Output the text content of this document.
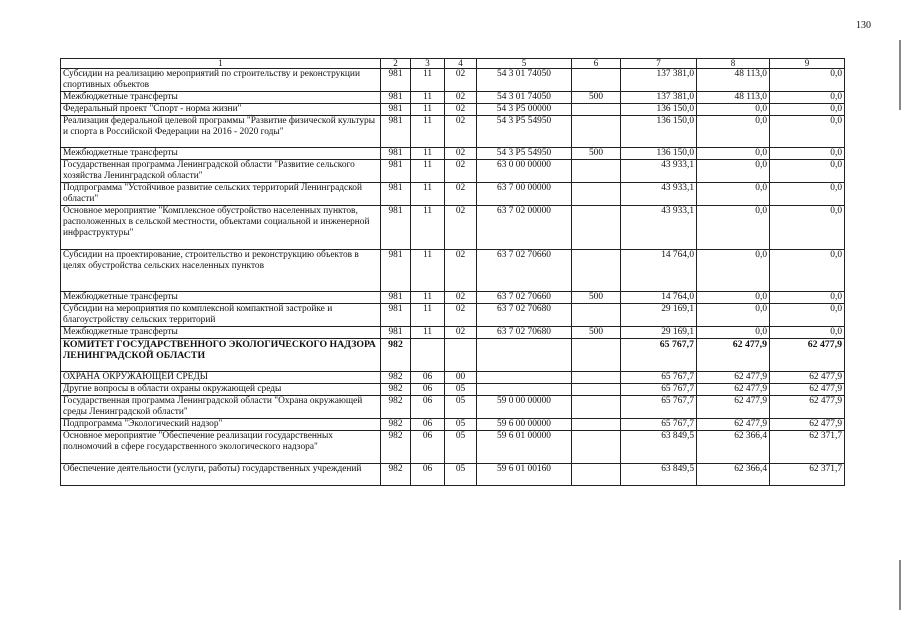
130
1	2	3	4	5	6	7	8	9
Субсидии на реализацию мероприятий по строительству и реконструкции спортивных объектов	981	11	02	54 3 01 74050		137 381,0	48 113,0	0,0
Межбюджетные трансферты	981	11	02	54 3 01 74050	500	137 381,0	48 113,0	0,0
Федеральный проект "Спорт - норма жизни"	981	11	02	54 3 P5 00000		136 150,0	0,0	0,0
Реализация федеральной целевой программы "Развитие физической культуры и спорта в Российской Федерации на 2016 - 2020 годы"	981	11	02	54 3 P5 54950		136 150,0	0,0	0,0
Межбюджетные трансферты	981	11	02	54 3 P5 54950	500	136 150,0	0,0	0,0
Государственная программа Ленинградской области "Развитие сельского хозяйства Ленинградской области"	981	11	02	63 0 00 00000		43 933,1	0,0	0,0
Подпрограмма "Устойчивое развитие сельских территорий Ленинградской области"	981	11	02	63 7 00 00000		43 933,1	0,0	0,0
Основное мероприятие "Комплексное обустройство населенных пунктов, расположенных в сельской местности, объектами социальной и инженерной инфраструктуры"	981	11	02	63 7 02 00000		43 933,1	0,0	0,0
Субсидии на проектирование, строительство и реконструкцию объектов в целях обустройства сельских населенных пунктов	981	11	02	63 7 02 70660		14 764,0	0,0	0,0
Межбюджетные трансферты	981	11	02	63 7 02 70660	500	14 764,0	0,0	0,0
Субсидии на мероприятия по комплексной компактной застройке и благоустройству сельских территорий	981	11	02	63 7 02 70680		29 169,1	0,0	0,0
Межбюджетные трансферты	981	11	02	63 7 02 70680	500	29 169,1	0,0	0,0
КОМИТЕТ ГОСУДАРСТВЕННОГО ЭКОЛОГИЧЕСКОГО НАДЗОРА ЛЕНИНГРАДСКОЙ ОБЛАСТИ	982					65 767,7	62 477,9	62 477,9
ОХРАНА ОКРУЖАЮЩЕЙ СРЕДЫ	982	06	00			65 767,7	62 477,9	62 477,9
Другие вопросы в области охраны окружающей среды	982	06	05			65 767,7	62 477,9	62 477,9
Государственная программа Ленинградской области "Охрана окружающей среды Ленинградской области"	982	06	05	59 0 00 00000		65 767,7	62 477,9	62 477,9
Подпрограмма "Экологический надзор"	982	06	05	59 6 00 00000		65 767,7	62 477,9	62 477,9
Основное мероприятие "Обеспечение реализации государственных полномочий в сфере государственного экологического надзора"	982	06	05	59 6 01 00000		63 849,5	62 366,4	62 371,7
Обеспечение деятельности (услуги, работы) государственных учреждений	982	06	05	59 6 01 00160		63 849,5	62 366,4	62 371,7
